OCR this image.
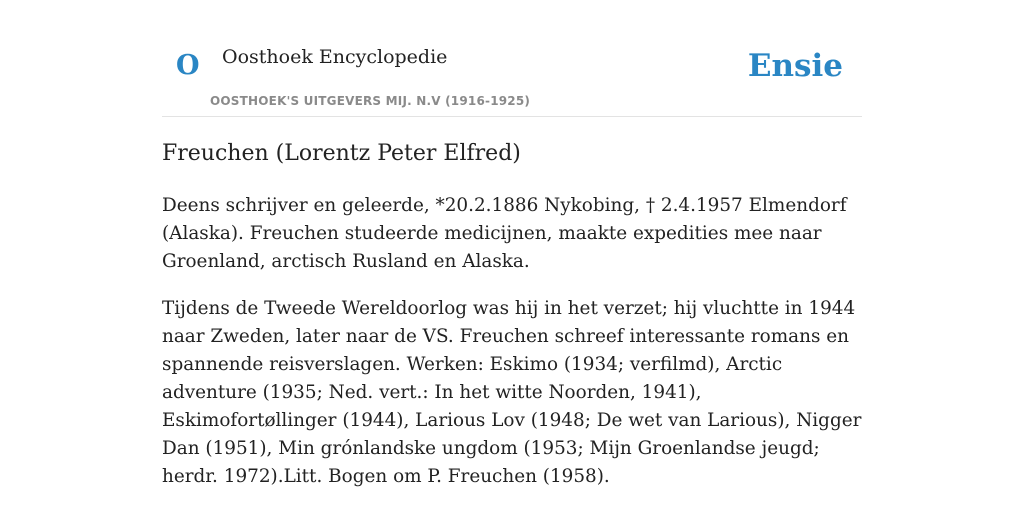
O Oosthoek Encyclopedie
OOSTHOEK'S UITGEVERS MIJ. N.V (1916-1925)
Ensie
Freuchen (Lorentz Peter Elfred)

Deens schrijver en geleerde, *20.2.1886 Nykobing, † 2.4.1957 Elmendorf (Alaska). Freuchen studeerde medicijnen, maakte expedities mee naar Groenland, arctisch Rusland en Alaska.

Tijdens de Tweede Wereldoorlog was hij in het verzet; hij vluchtte in 1944 naar Zweden, later naar de VS. Freuchen schreef interessante romans en spannende reisverslagen. Werken: Eskimo (1934; verfilmd), Arctic adventure (1935; Ned. vert.: In het witte Noorden, 1941), Eskimofortøllinger (1944), Larious Lov (1948; De wet van Larious), Nigger Dan (1951), Min grónlandske ungdom (1953; Mijn Groenlandse jeugd; herdr. 1972).Litt. Bogen om P. Freuchen (1958).
